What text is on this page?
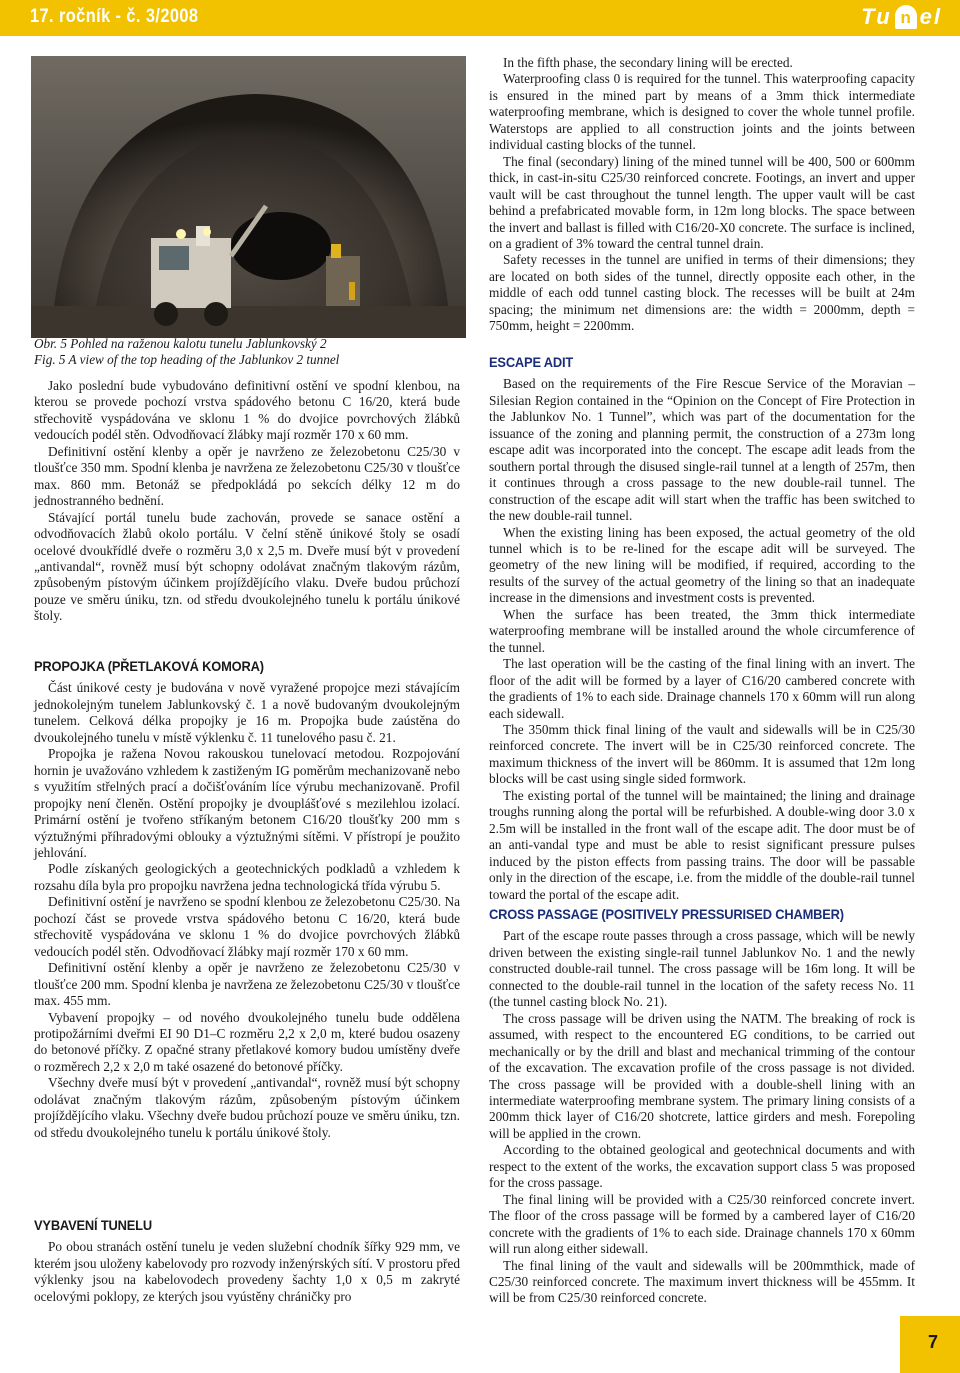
17. ročník - č. 3/2008	Tu n el
Obr. 5 Pohled na raženou kalotu tunelu Jablunkovský 2
Fig. 5 A view of the top heading of the Jablunkov 2 tunnel

Jako poslední bude vybudováno definitivní ostění ve spodní klenbou, na kterou se provede pochozí vrstva spádového betonu C 16/20, která bude střechovitě vyspádována ve sklonu 1 % do dvojice povrchových žlábků vedoucích podél stěn. Odvodňovací žlábky mají rozměr 170 x 60 mm.

Definitivní ostění klenby a opěr je navrženo ze železobetonu C25/30 v tloušťce 350 mm. Spodní klenba je navržena ze železobetonu C25/30 v tloušťce max. 860 mm. Betonáž se předpokládá po sekcích délky 12 m do jednostranného bednění.

Stávající portál tunelu bude zachován, provede se sanace ostění a odvodňovacích žlabů okolo portálu. V čelní stěně únikové štoly se osadí ocelové dvoukřídlé dveře o rozměru 3,0 x 2,5 m. Dveře musí být v provedení „antivandal“, rovněž musí být schopny odolávat značným tlakovým rázům, způsobeným pístovým účinkem projíždějícího vlaku. Dveře budou průchozí pouze ve směru úniku, tzn. od středu dvoukolejného tunelu k portálu únikové štoly.

PROPOJKA (PŘETLAKOVÁ KOMORA)

Část únikové cesty je budována v nově vyražené propojce mezi stávajícím jednokolejným tunelem Jablunkovský č. 1 a nově budovaným dvoukolejným tunelem. Celková délka propojky je 16 m. Propojka bude zaústěna do dvoukolejného tunelu v místě výklenku č. 11 tunelového pasu č. 21.

Propojka je ražena Novou rakouskou tunelovací metodou. Rozpojování hornin je uvažováno vzhledem k zastiženým IG poměrům mechanizovaně nebo s využitím střelných prací a dočišťováním líce výrubu mechanizovaně. Profil propojky není členěn. Ostění propojky je dvouplášťové s mezilehlou izolací. Primární ostění je tvořeno stříkaným betonem C16/20 tloušťky 200 mm s výztužnými příhradovými oblouky a výztužnými sítěmi. V přístropí je použito jehlování.

Podle získaných geologických a geotechnických podkladů a vzhledem k rozsahu díla byla pro propojku navržena jedna technologická třída výrubu 5.

Definitivní ostění je navrženo se spodní klenbou ze železobetonu C25/30. Na pochozí část se provede vrstva spádového betonu C 16/20, která bude střechovitě vyspádována ve sklonu 1 % do dvojice povrchových žlábků vedoucích podél stěn. Odvodňovací žlábky mají rozměr 170 x 60 mm.

Definitivní ostění klenby a opěr je navrženo ze železobetonu C25/30 v tloušťce 200 mm. Spodní klenba je navržena ze železobetonu C25/30 v tloušťce max. 455 mm.

Vybavení propojky – od nového dvoukolejného tunelu bude oddělena protipožárními dveřmi EI 90 D1–C rozměru 2,2 x 2,0 m, které budou osazeny do betonové příčky. Z opačné strany přetlakové komory budou umístěny dveře o rozměrech 2,2 x 2,0 m také osazené do betonové příčky.

Všechny dveře musí být v provedení „antivandal“, rovněž musí být schopny odolávat značným tlakovým rázům, způsobeným pístovým účinkem projíždějícího vlaku. Všechny dveře budou průchozí pouze ve směru úniku, tzn. od středu dvoukolejného tunelu k portálu únikové štoly.

VYBAVENÍ TUNELU

Po obou stranách ostění tunelu je veden služební chodník šířky 929 mm, ve kterém jsou uloženy kabelovody pro rozvody inženýrských sítí. V prostoru před výklenky jsou na kabelovodech provedeny šachty 1,0 x 0,5 m zakryté ocelovými poklopy, ze kterých jsou vyústěny chráničky pro

In the fifth phase, the secondary lining will be erected.

Waterproofing class 0 is required for the tunnel. This waterproofing capacity is ensured in the mined part by means of a 3mm thick intermediate waterproofing membrane, which is designed to cover the whole tunnel profile. Waterstops are applied to all construction joints and the joints between individual casting blocks of the tunnel.

The final (secondary) lining of the mined tunnel will be 400, 500 or 600mm thick, in cast-in-situ C25/30 reinforced concrete. Footings, an invert and upper vault will be cast throughout the tunnel length. The upper vault will be cast behind a prefabricated movable form, in 12m long blocks. The space between the invert and ballast is filled with C16/20-X0 concrete. The surface is inclined, on a gradient of 3% toward the central tunnel drain.

Safety recesses in the tunnel are unified in terms of their dimensions; they are located on both sides of the tunnel, directly opposite each other, in the middle of each odd tunnel casting block. The recesses will be built at 24m spacing; the minimum net dimensions are: the width = 2000mm, depth = 750mm, height = 2200mm.

ESCAPE ADIT

Based on the requirements of the Fire Rescue Service of the Moravian – Silesian Region contained in the “Opinion on the Concept of Fire Protection in the Jablunkov No. 1 Tunnel”, which was part of the documentation for the issuance of the zoning and planning permit, the construction of a 273m long escape adit was incorporated into the concept. The escape adit leads from the southern portal through the disused single-rail tunnel at a length of 257m, then it continues through a cross passage to the new double-rail tunnel. The construction of the escape adit will start when the traffic has been switched to the new double-rail tunnel.

When the existing lining has been exposed, the actual geometry of the old tunnel which is to be re-lined for the escape adit will be surveyed. The geometry of the new lining will be modified, if required, according to the results of the survey of the actual geometry of the lining so that an inadequate increase in the dimensions and investment costs is prevented.

When the surface has been treated, the 3mm thick intermediate waterproofing membrane will be installed around the whole circumference of the tunnel.

The last operation will be the casting of the final lining with an invert. The floor of the adit will be formed by a layer of C16/20 cambered concrete with the gradients of 1% to each side. Drainage channels 170 x 60mm will run along each sidewall.

The 350mm thick final lining of the vault and sidewalls will be in C25/30 reinforced concrete. The invert will be in C25/30 reinforced concrete. The maximum thickness of the invert will be 860mm. It is assumed that 12m long blocks will be cast using single sided formwork.

The existing portal of the tunnel will be maintained; the lining and drainage troughs running along the portal will be refurbished. A double-wing door 3.0 x 2.5m will be installed in the front wall of the escape adit. The door must be of an anti-vandal type and must be able to resist significant pressure pulses induced by the piston effects from passing trains. The door will be passable only in the direction of the escape, i.e. from the middle of the double-rail tunnel toward the portal of the escape adit.

CROSS PASSAGE (POSITIVELY PRESSURISED CHAMBER)

Part of the escape route passes through a cross passage, which will be newly driven between the existing single-rail tunnel Jablunkov No. 1 and the newly constructed double-rail tunnel. The cross passage will be 16m long. It will be connected to the double-rail tunnel in the location of the safety recess No. 11 (the tunnel casting block No. 21).

The cross passage will be driven using the NATM. The breaking of rock is assumed, with respect to the encountered EG conditions, to be carried out mechanically or by the drill and blast and mechanical trimming of the contour of the excavation. The excavation profile of the cross passage is not divided. The cross passage will be provided with a double-shell lining with an intermediate waterproofing membrane system. The primary lining consists of a 200mm thick layer of C16/20 shotcrete, lattice girders and mesh. Forepoling will be applied in the crown.

According to the obtained geological and geotechnical documents and with respect to the extent of the works, the excavation support class 5 was proposed for the cross passage.

The final lining will be provided with a C25/30 reinforced concrete invert. The floor of the cross passage will be formed by a cambered layer of C16/20 concrete with the gradients of 1% to each side. Drainage channels 170 x 60mm will run along either sidewall.

The final lining of the vault and sidewalls will be 200mmthick, made of C25/30 reinforced concrete. The maximum invert thickness will be 455mm. It will be from C25/30 reinforced concrete.

7
